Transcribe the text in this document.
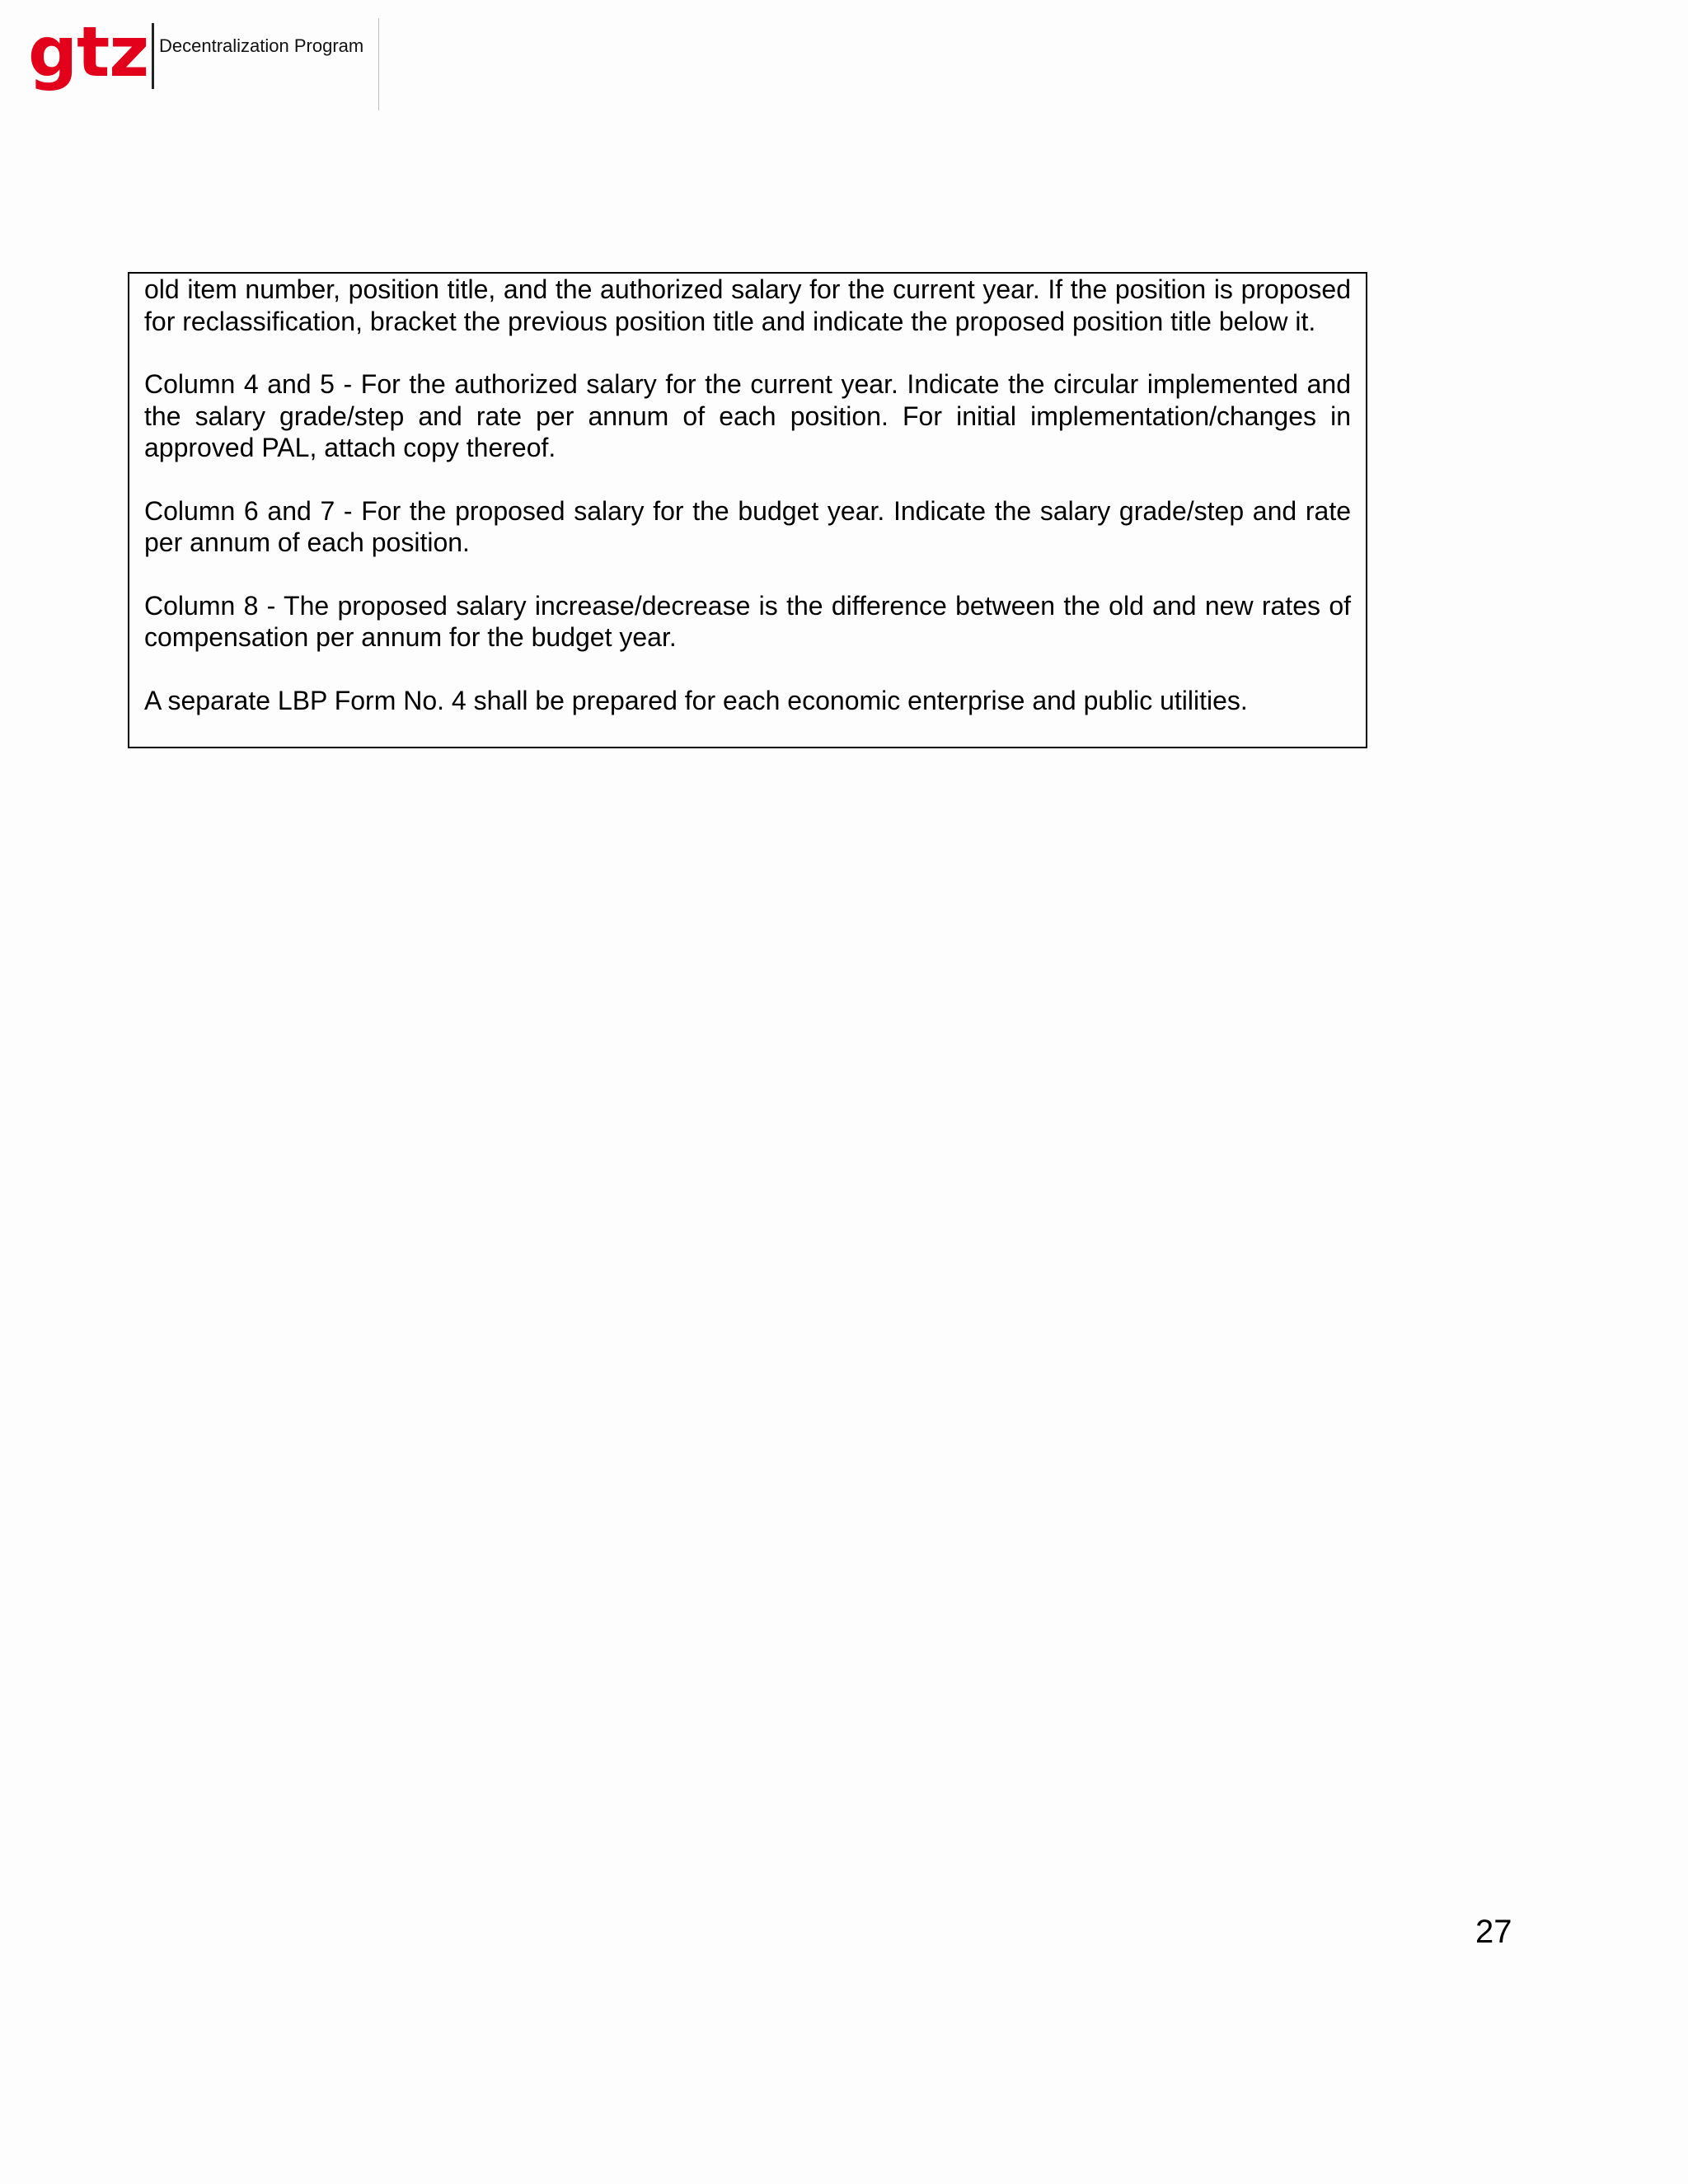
gtz Decentralization Program

old item number, position title, and the authorized salary for the current year. If the position is proposed for reclassification, bracket the previous position title and indicate the proposed position title below it.

Column 4 and 5 - For the authorized salary for the current year. Indicate the circular implemented and the salary grade/step and rate per annum of each position. For initial implementation/changes in approved PAL, attach copy thereof.

Column 6 and 7 - For the proposed salary for the budget year. Indicate the salary grade/step and rate per annum of each position.

Column 8 - The proposed salary increase/decrease is the difference between the old and new rates of compensation per annum for the budget year.

A separate LBP Form No. 4 shall be prepared for each economic enterprise and public utilities.

27
